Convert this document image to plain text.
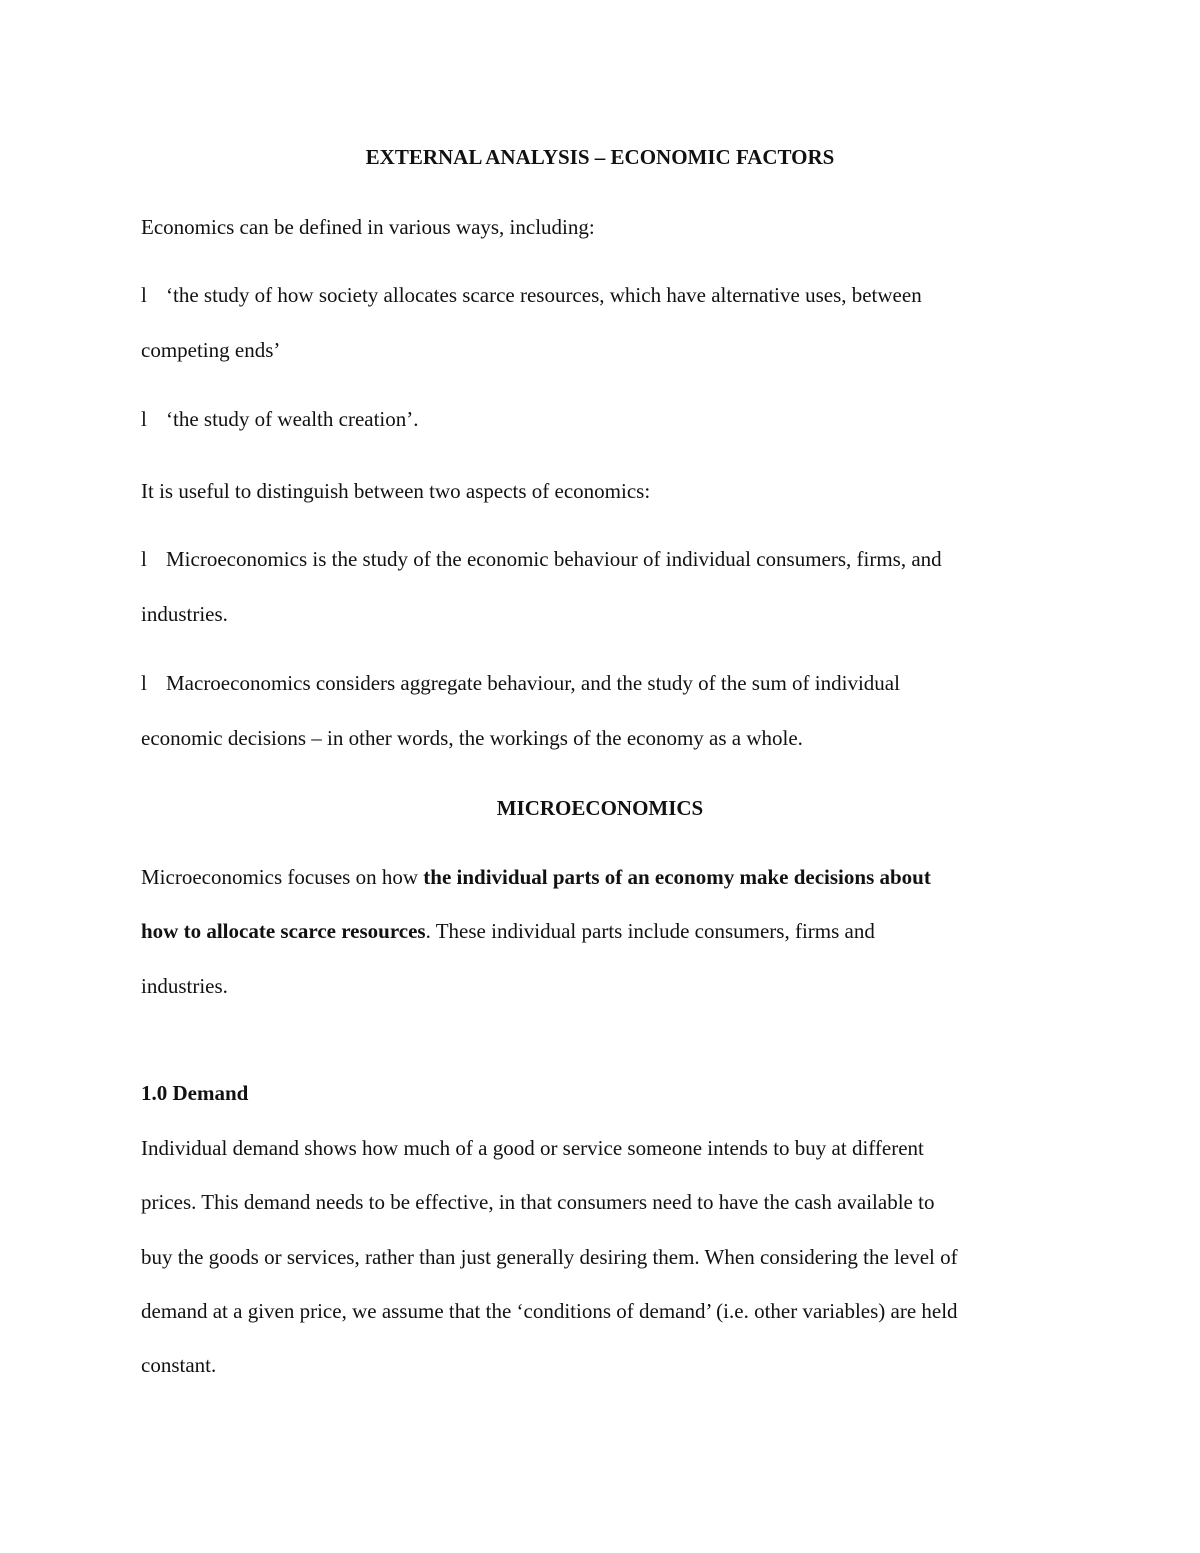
EXTERNAL ANALYSIS – ECONOMIC FACTORS

Economics can be defined in various ways, including:

l ‘the study of how society allocates scarce resources, which have alternative uses, between

competing ends’

l ‘the study of wealth creation’.

It is useful to distinguish between two aspects of economics:

l Microeconomics is the study of the economic behaviour of individual consumers, firms, and

industries.

l Macroeconomics considers aggregate behaviour, and the study of the sum of individual

economic decisions – in other words, the workings of the economy as a whole.

MICROECONOMICS

Microeconomics focuses on how the individual parts of an economy make decisions about

how to allocate scarce resources. These individual parts include consumers, firms and

industries.

1.0 Demand

Individual demand shows how much of a good or service someone intends to buy at different

prices. This demand needs to be effective, in that consumers need to have the cash available to

buy the goods or services, rather than just generally desiring them. When considering the level of

demand at a given price, we assume that the ‘conditions of demand’ (i.e. other variables) are held

constant.
